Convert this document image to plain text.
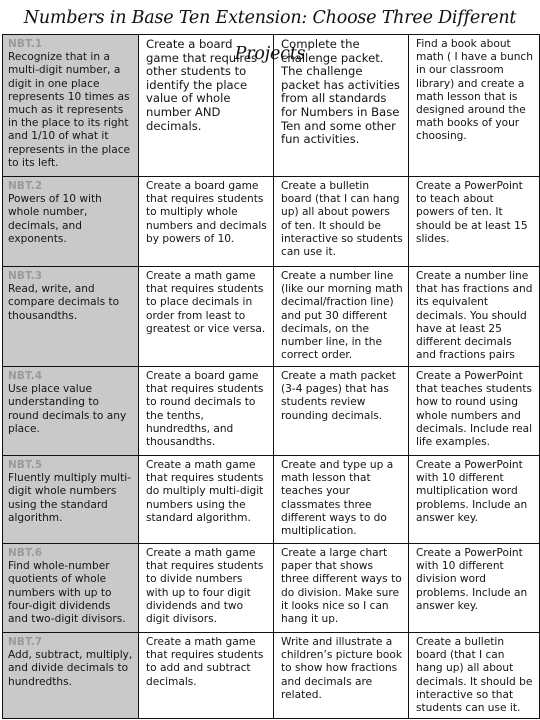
Numbers in Base Ten Extension: Choose Three Different Projects
NBT.1
Recognize that in a multi-digit number, a digit in one place represents 10 times as much as it represents in the place to its right and 1/10 of what it represents in the place to its left.	Create a board game that requires other students to identify the place value of whole number AND decimals.	Complete the challenge packet. The challenge packet has activities from all standards for Numbers in Base Ten and some other fun activities.	Find a book about math ( I have a bunch in our classroom library) and create a math lesson that is designed around the math books of your choosing.

NBT.2
Powers of 10 with whole number, decimals, and exponents.	Create a board game that requires students to multiply whole numbers and decimals by powers of 10.	Create a bulletin board (that I can hang up) all about powers of ten. It should be interactive so students can use it.	Create a PowerPoint to teach about powers of ten. It should be at least 15 slides.

NBT.3
Read, write, and compare decimals to thousandths.	Create a math game that requires students to place decimals in order from least to greatest or vice versa.	Create a number line (like our morning math decimal/fraction line) and put 30 different decimals, on the number line, in the correct order.	Create a number line that has fractions and its equivalent decimals. You should have at least 25 different decimals and fractions pairs

NBT.4
Use place value understanding to round decimals to any place.	Create a board game that requires students to round decimals to the tenths, hundredths, and thousandths.	Create a math packet (3-4 pages) that has students review rounding decimals.	Create a PowerPoint that teaches students how to round using whole numbers and decimals. Include real life examples.

NBT.5
Fluently multiply multi-digit whole numbers using the standard algorithm.	Create a math game that requires students do multiply multi-digit numbers using the standard algorithm.	Create and type up a math lesson that teaches your classmates three different ways to do multiplication.	Create a PowerPoint with 10 different multiplication word problems. Include an answer key.

NBT.6
Find whole-number quotients of whole numbers with up to four-digit dividends and two-digit divisors.	Create a math game that requires students to divide numbers with up to four digit dividends and two digit divisors.	Create a large chart paper that shows three different ways to do division. Make sure it looks nice so I can hang it up.	Create a PowerPoint with 10 different division word problems. Include an answer key.

NBT.7
Add, subtract, multiply, and divide decimals to hundredths.	Create a math game that requires students to add and subtract decimals.	Write and illustrate a children’s picture book to show how fractions and decimals are related.	Create a bulletin board (that I can hang up) all about decimals. It should be interactive so that students can use it.
